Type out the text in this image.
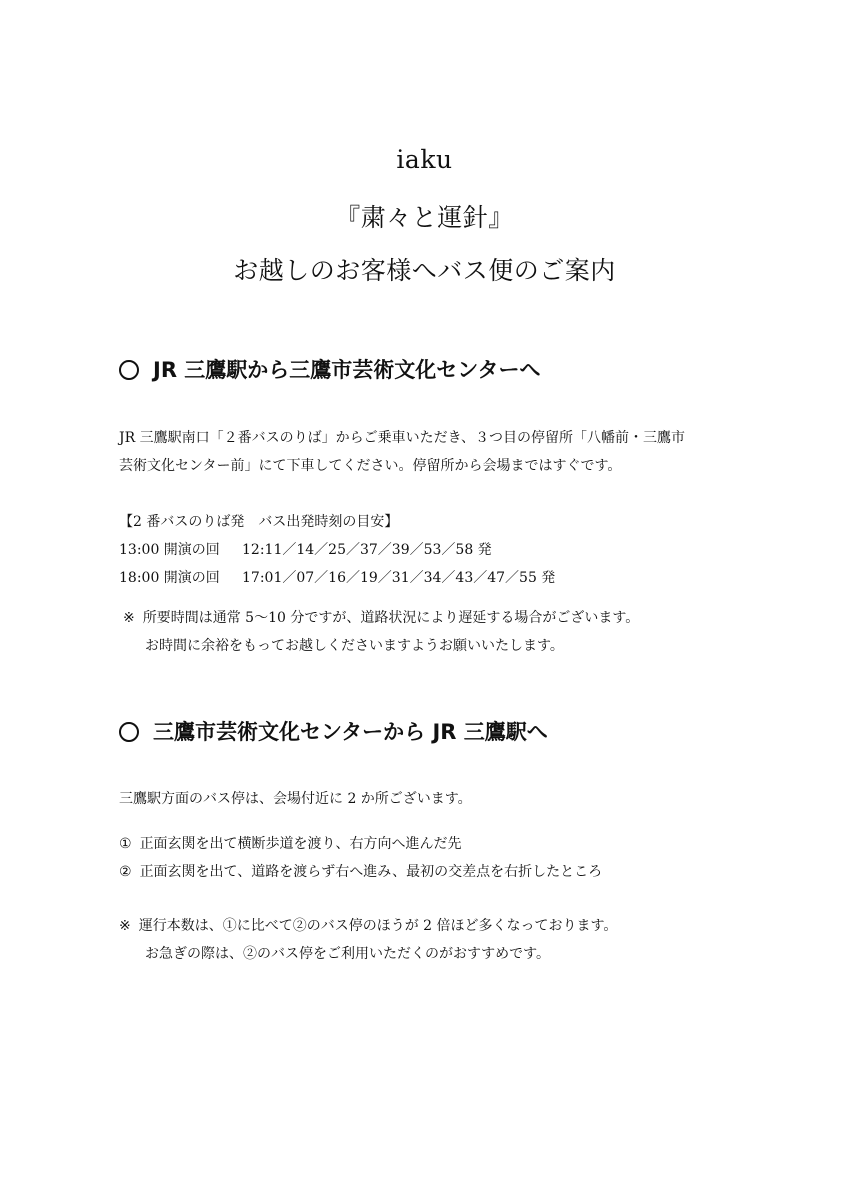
iaku
『粛々と運針』
お越しのお客様へバス便のご案内
JR 三鷹駅から三鷹市芸術文化センターへ
JR 三鷹駅南口「２番バスのりば」からご乗車いただき、３つ目の停留所「八幡前・三鷹市
芸術文化センター前」にて下車してください。停留所から会場まではすぐです。
【2 番バスのりば発　バス出発時刻の目安】
13:00 開演の回 12:11／14／25／37／39／53／58 発
18:00 開演の回 17:01／07／16／19／31／34／43／47／55 発
※ 所要時間は通常 5～10 分ですが、道路状況により遅延する場合がございます。
お時間に余裕をもってお越しくださいますようお願いいたします。
三鷹市芸術文化センターから JR 三鷹駅へ
三鷹駅方面のバス停は、会場付近に 2 か所ございます。
① 正面玄関を出て横断歩道を渡り、右方向へ進んだ先
② 正面玄関を出て、道路を渡らず右へ進み、最初の交差点を右折したところ
※ 運行本数は、①に比べて②のバス停のほうが 2 倍ほど多くなっております。
お急ぎの際は、②のバス停をご利用いただくのがおすすめです。
